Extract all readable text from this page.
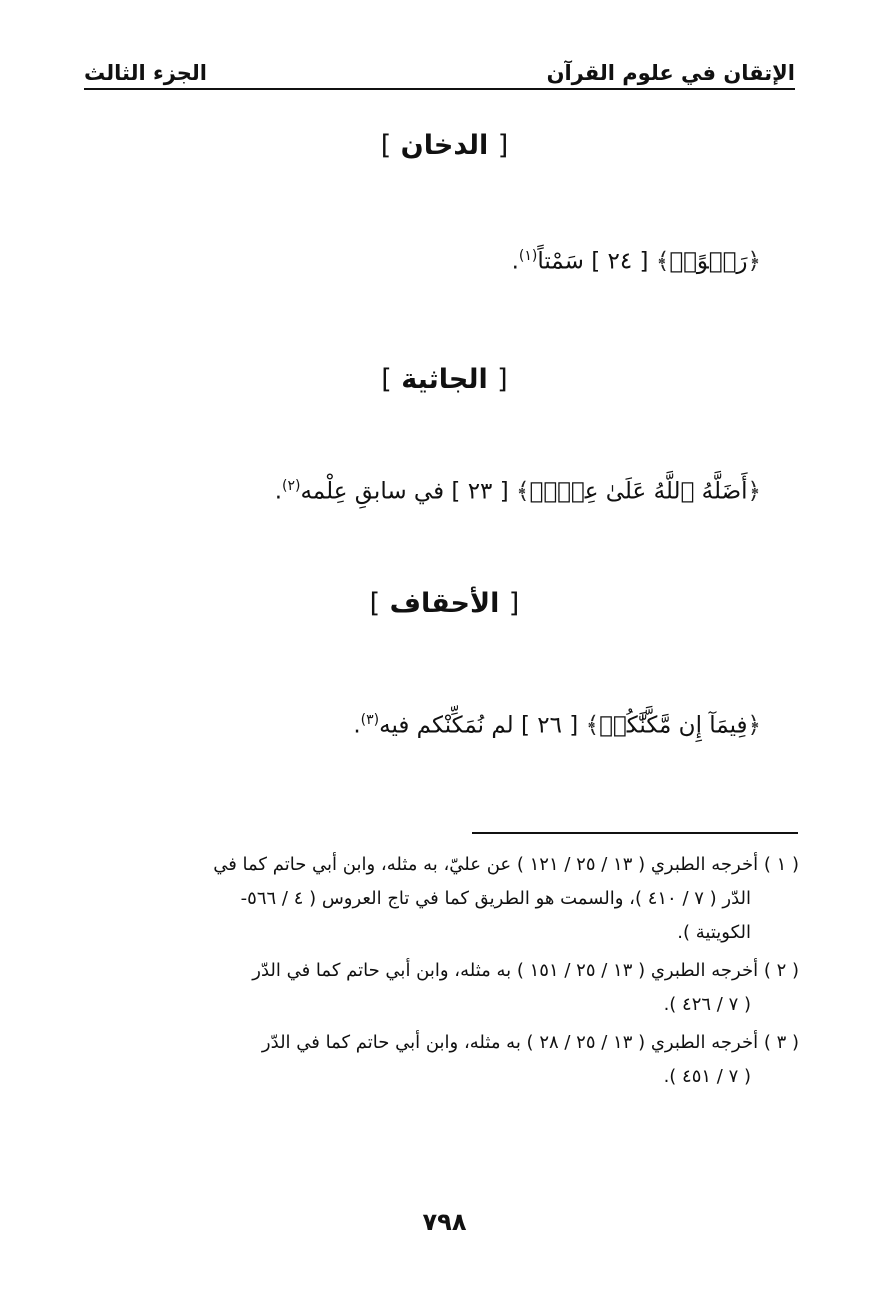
الإتقان في علوم القرآن
الجزء الثالث
[ الدخان ]
﴿رَهۡوًاۖ﴾ [ ٢٤ ] سَمْتاً$^{(١)}$.
[ الجاثية ]
﴿أَضَلَّهُ ٱللَّهُ عَلَىٰ عِلۡمٖ﴾ [ ٢٣ ] في سابقِ عِلْمه$^{(٢)}$.
[ الأحقاف ]
﴿فِيمَآ إِن مَّكَّنَّٰكُمۡ﴾ [ ٢٦ ] لم نُمَكِّنْكم فيه$^{(٣)}$.
( ١ ) أخرجه الطبري ( ١٣ / ٢٥ / ١٢١ ) عن عليّ، به مثله، وابن أبي حاتم كما في
الدّر ( ٧ / ٤١٠ )، والسمت هو الطريق كما في تاج العروس ( ٤ / ٥٦٦-
الكويتية ).
( ٢ ) أخرجه الطبري ( ١٣ / ٢٥ / ١٥١ ) به مثله، وابن أبي حاتم كما في الدّر
( ٧ / ٤٢٦ ).
( ٣ ) أخرجه الطبري ( ١٣ / ٢٥ / ٢٨ ) به مثله، وابن أبي حاتم كما في الدّر
( ٧ / ٤٥١ ).
٧٩٨
